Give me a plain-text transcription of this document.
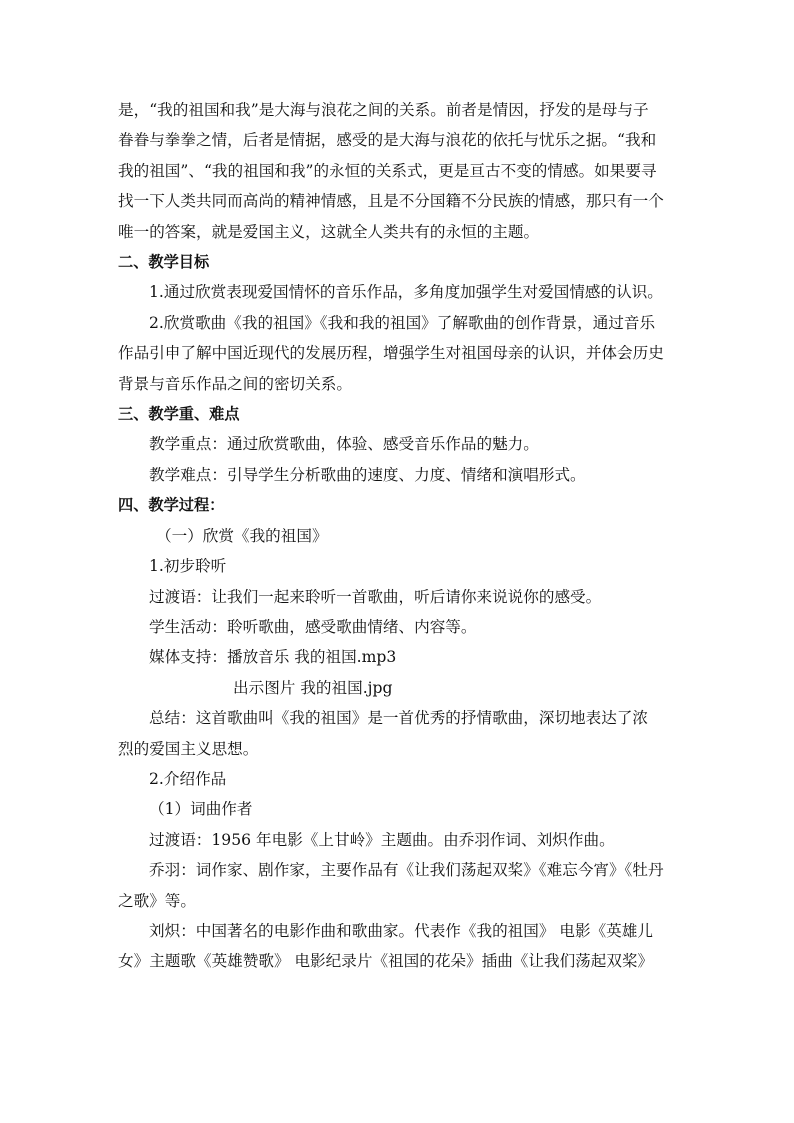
是，“我的祖国和我”是大海与浪花之间的关系。前者是情因，抒发的是母与子

眷眷与拳拳之情，后者是情据，感受的是大海与浪花的依托与忧乐之据。“我和

我的祖国”、“我的祖国和我”的永恒的关系式，更是亘古不变的情感。如果要寻

找一下人类共同而高尚的精神情感，且是不分国籍不分民族的情感，那只有一个

唯一的答案，就是爱国主义，这就全人类共有的永恒的主题。

二、教学目标

1.通过欣赏表现爱国情怀的音乐作品，多角度加强学生对爱国情感的认识。

2.欣赏歌曲《我的祖国》《我和我的祖国》了解歌曲的创作背景，通过音乐

作品引申了解中国近现代的发展历程，增强学生对祖国母亲的认识，并体会历史

背景与音乐作品之间的密切关系。

三、教学重、难点

教学重点：通过欣赏歌曲，体验、感受音乐作品的魅力。

教学难点：引导学生分析歌曲的速度、力度、情绪和演唱形式。

四、教学过程：

（一）欣赏《我的祖国》

1.初步聆听

过渡语：让我们一起来聆听一首歌曲，听后请你来说说你的感受。

学生活动：聆听歌曲，感受歌曲情绪、内容等。

媒体支持：播放音乐 我的祖国.mp3

出示图片 我的祖国.jpg

总结：这首歌曲叫《我的祖国》是一首优秀的抒情歌曲，深切地表达了浓

烈的爱国主义思想。

2.介绍作品

（1）词曲作者

过渡语：1956 年电影《上甘岭》主题曲。由乔羽作词、刘炽作曲。

乔羽：词作家、剧作家，主要作品有《让我们荡起双桨》《难忘今宵》《牡丹

之歌》等。

刘炽：中国著名的电影作曲和歌曲家。代表作《我的祖国》 电影《英雄儿

女》主题歌《英雄赞歌》 电影纪录片《祖国的花朵》插曲《让我们荡起双桨》
